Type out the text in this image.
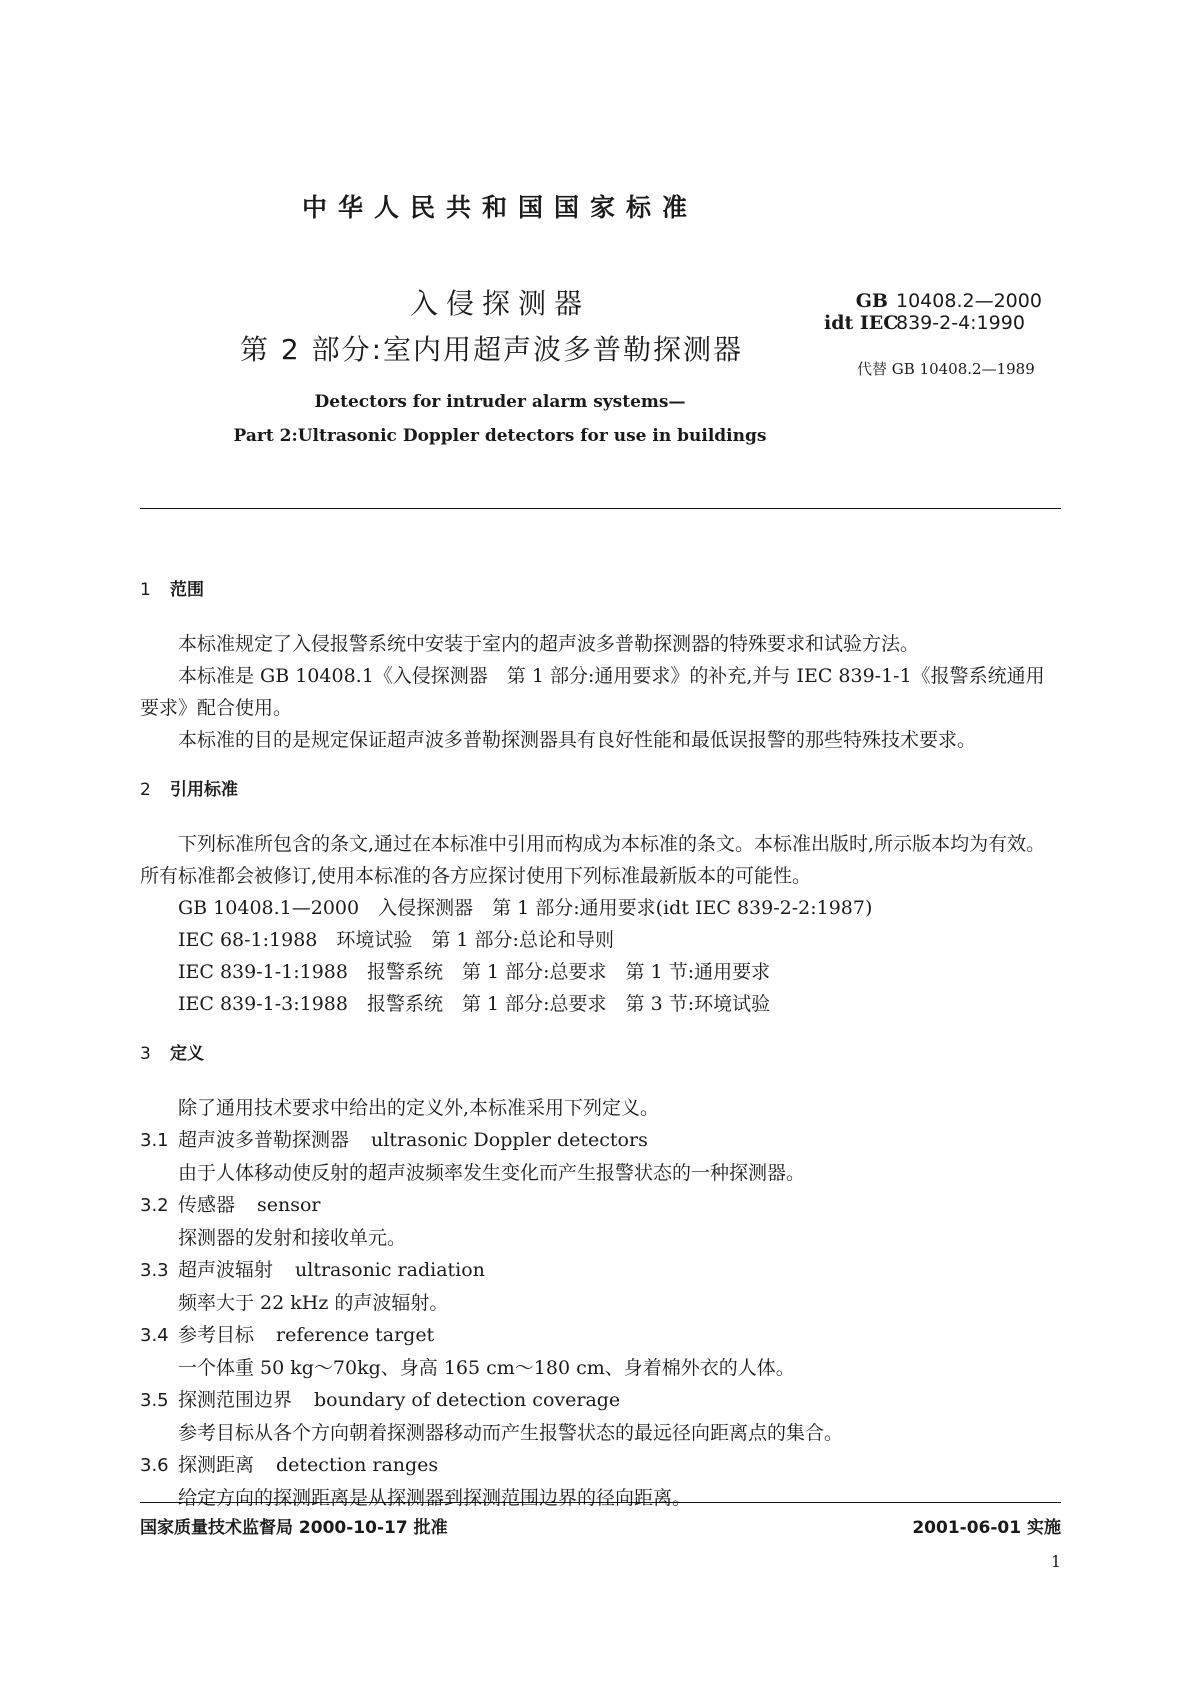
中华人民共和国国家标准
入侵探测器
第 2 部分:室内用超声波多普勒探测器
GB 10408.2—2000
idt IEC839-2-4:1990
代替 GB 10408.2—1989
Detectors for intruder alarm systems—
Part 2:Ultrasonic Doppler detectors for use in buildings
1 范围
本标准规定了入侵报警系统中安装于室内的超声波多普勒探测器的特殊要求和试验方法。
本标准是 GB 10408.1《入侵探测器　第 1 部分:通用要求》的补充,并与 IEC 839-1-1《报警系统通用要求》配合使用。
本标准的目的是规定保证超声波多普勒探测器具有良好性能和最低误报警的那些特殊技术要求。
2 引用标准
下列标准所包含的条文,通过在本标准中引用而构成为本标准的条文。本标准出版时,所示版本均为有效。所有标准都会被修订,使用本标准的各方应探讨使用下列标准最新版本的可能性。
GB 10408.1—2000　入侵探测器　第 1 部分:通用要求(idt IEC 839-2-2:1987)
IEC 68-1:1988　环境试验　第 1 部分:总论和导则
IEC 839-1-1:1988　报警系统　第 1 部分:总要求　第 1 节:通用要求
IEC 839-1-3:1988　报警系统　第 1 部分:总要求　第 3 节:环境试验
3 定义
除了通用技术要求中给出的定义外,本标准采用下列定义。
3.1 超声波多普勒探测器 ultrasonic Doppler detectors
由于人体移动使反射的超声波频率发生变化而产生报警状态的一种探测器。
3.2 传感器 sensor
探测器的发射和接收单元。
3.3 超声波辐射 ultrasonic radiation
频率大于 22 kHz 的声波辐射。
3.4 参考目标 reference target
一个体重 50 kg～70kg、身高 165 cm～180 cm、身着棉外衣的人体。
3.5 探测范围边界 boundary of detection coverage
参考目标从各个方向朝着探测器移动而产生报警状态的最远径向距离点的集合。
3.6 探测距离 detection ranges
给定方向的探测距离是从探测器到探测范围边界的径向距离。
国家质量技术监督局 2000-10-17 批准	2001-06-01 实施
1
